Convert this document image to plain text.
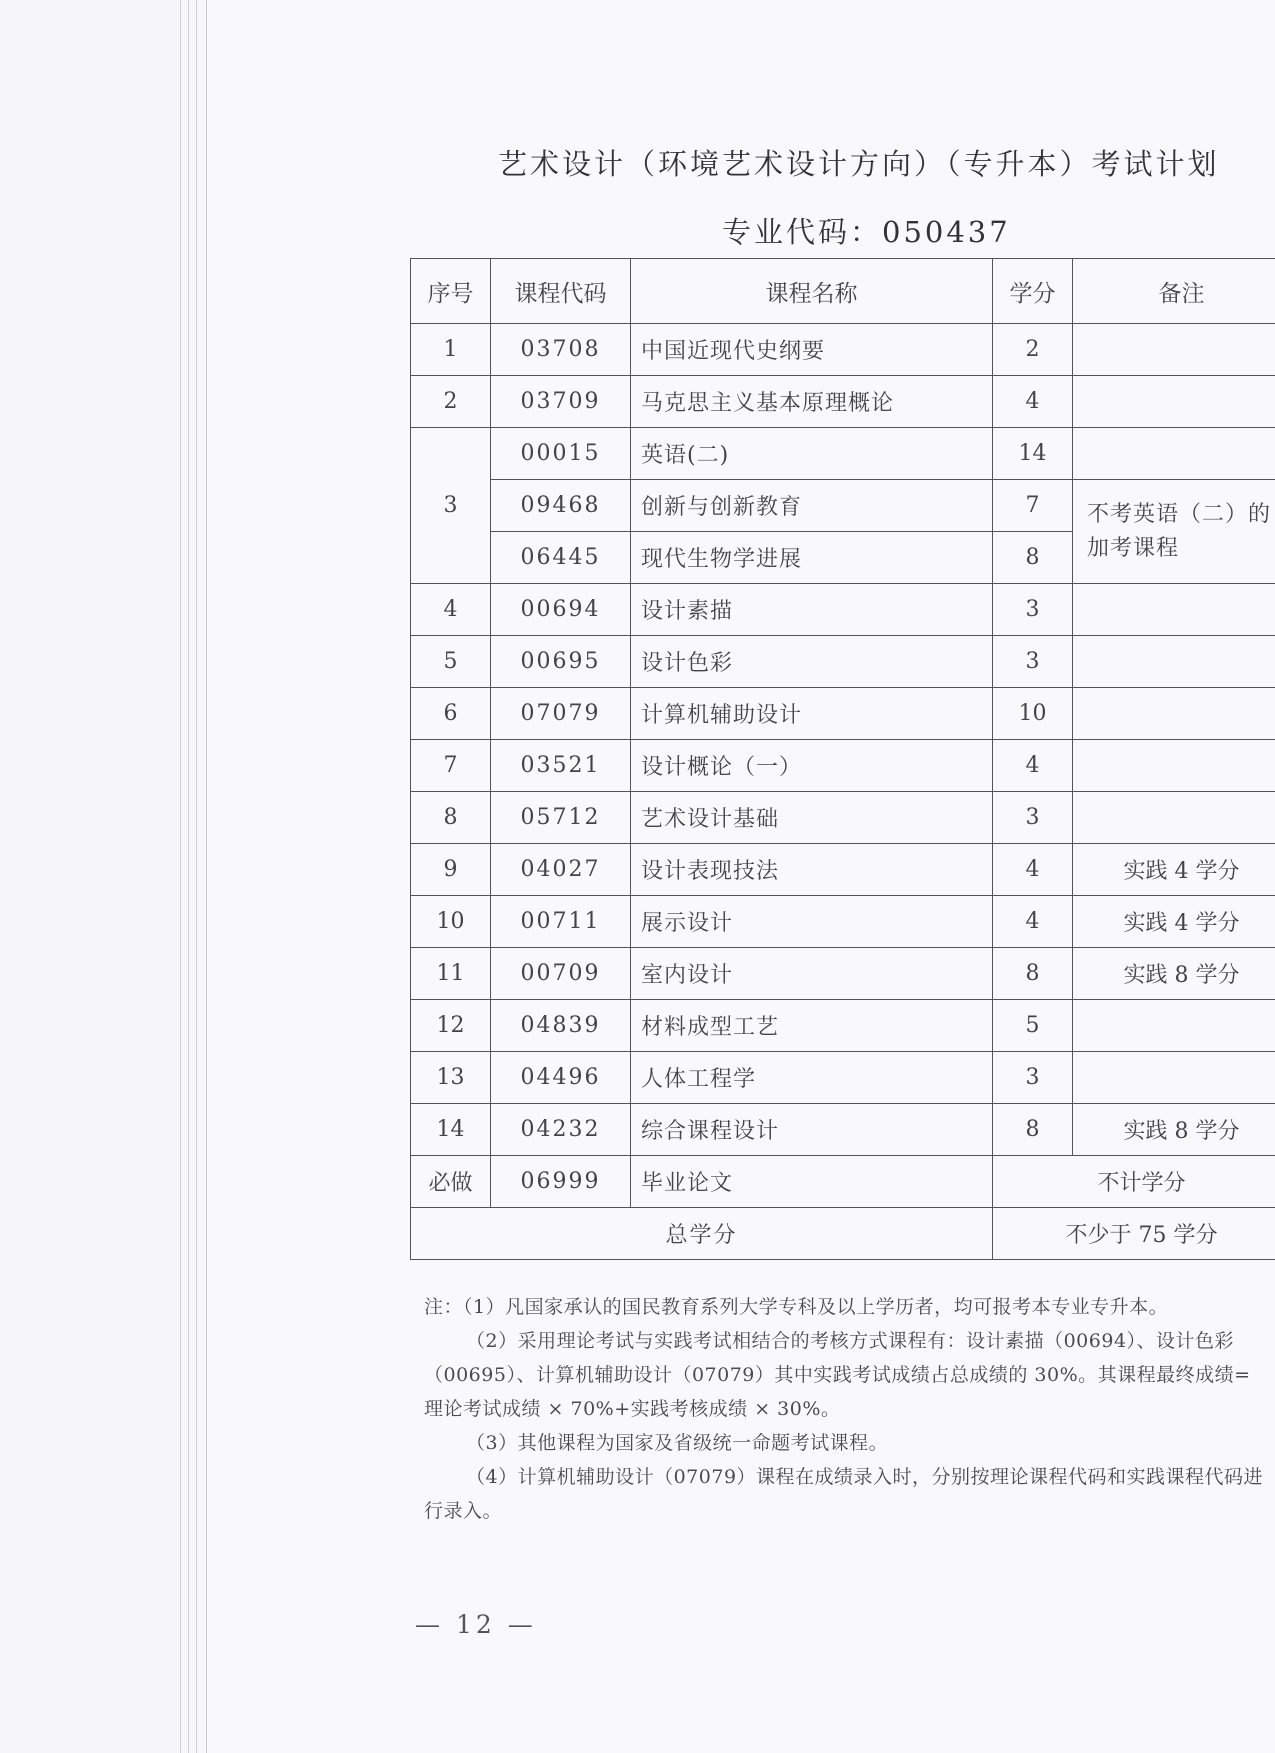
艺术设计（环境艺术设计方向）（专升本）考试计划
专业代码：050437
序号	课程代码	课程名称	学分	备注
1	03708	中国近现代史纲要	2	
2	03709	马克思主义基本原理概论	4	
3	00015	英语(二)	14	
	09468	创新与创新教育	7	不考英语（二）的加考课程
	06445	现代生物学进展	8	
4	00694	设计素描	3	
5	00695	设计色彩	3	
6	07079	计算机辅助设计	10	
7	03521	设计概论（一）	4	
8	05712	艺术设计基础	3	
9	04027	设计表现技法	4	实践 4 学分
10	00711	展示设计	4	实践 4 学分
11	00709	室内设计	8	实践 8 学分
12	04839	材料成型工艺	5	
13	04496	人体工程学	3	
14	04232	综合课程设计	8	实践 8 学分
必做	06999	毕业论文	不计学分	
总学分			不少于 75 学分	

注：（1）凡国家承认的国民教育系列大学专科及以上学历者，均可报考本专业专升本。

（2）采用理论考试与实践考试相结合的考核方式课程有：设计素描（00694）、设计色彩（00695）、计算机辅助设计（07079）其中实践考试成绩占总成绩的 30%。其课程最终成绩= 理论考试成绩 × 70%+实践考核成绩 × 30%。

（3）其他课程为国家及省级统一命题考试课程。

（4）计算机辅助设计（07079）课程在成绩录入时，分别按理论课程代码和实践课程代码进行录入。

— 12 —
